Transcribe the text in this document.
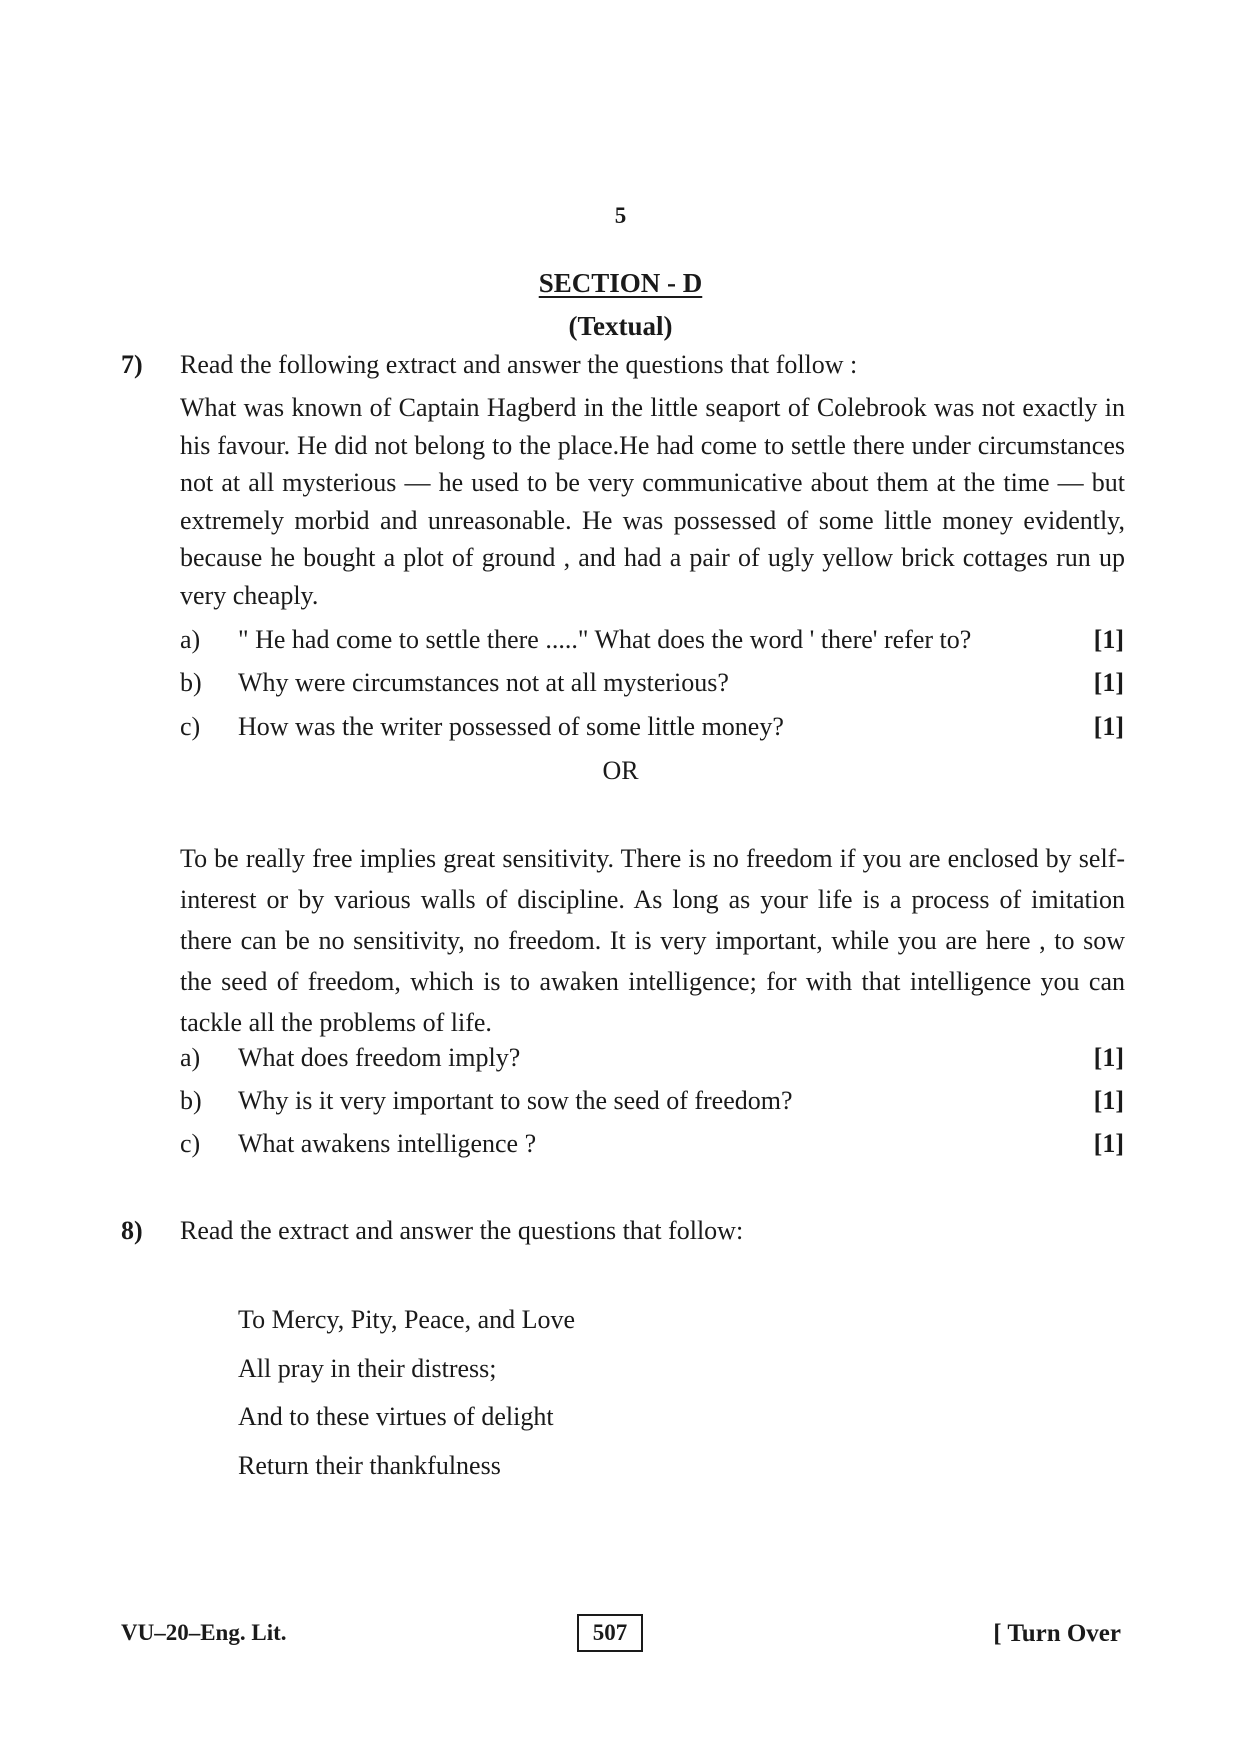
5
SECTION - D
(Textual)
7) Read the following extract and answer the questions that follow :

What was known of Captain Hagberd in the little seaport of Colebrook was not exactly in his favour. He did not belong to the place.He had come to settle there under circumstances not at all mysterious — he used to be very communicative about them at the time — but extremely morbid and unreasonable. He was possessed of some little money evidently, because he bought a plot of ground , and had a pair of ugly yellow brick cottages run up very cheaply.

a) " He had come to settle there ....." What does the word ' there' refer to?	[1]
b) Why were circumstances not at all mysterious?	[1]
c) How was the writer possessed of some little money?	[1]
OR

To be really free implies great sensitivity. There is no freedom if you are enclosed by self- interest or by various walls of discipline. As long as your life is a process of imitation there can be no sensitivity, no freedom. It is very important, while you are here , to sow the seed of freedom, which is to awaken intelligence; for with that intelligence you can tackle all the problems of life.

a) What does freedom imply?	[1]
b) Why is it very important to sow the seed of freedom?	[1]
c) What awakens intelligence ?	[1]
8) Read the extract and answer the questions that follow:
To Mercy, Pity, Peace, and Love
All pray in their distress;
And to these virtues of delight
Return their thankfulness
VU–20–Eng. Lit.	507	[ Turn Over
